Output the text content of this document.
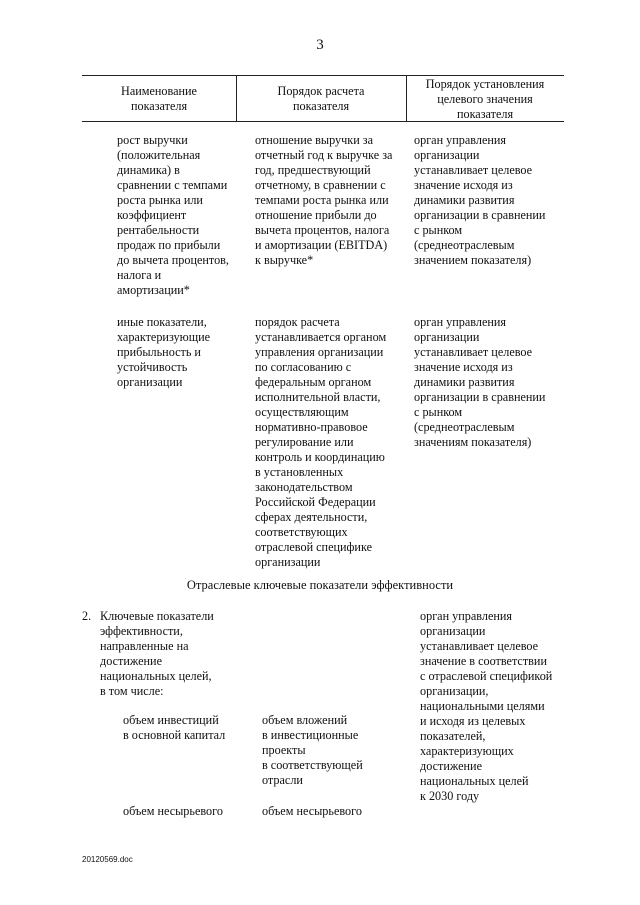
3
Наименование
показателя
Порядок расчета
показателя
Порядок установления
целевого значения
показателя
рост выручки
(положительная
динамика) в
сравнении с темпами
роста рынка или
коэффициент
рентабельности
продаж по прибыли
до вычета процентов,
налога и
амортизации*
отношение выручки за
отчетный год к выручке за
год, предшествующий
отчетному, в сравнении с
темпами роста рынка или
отношение прибыли до
вычета процентов, налога
и амортизации (EBITDA)
к выручке*
орган управления
организации
устанавливает целевое
значение исходя из
динамики развития
организации в сравнении
с рынком
(среднеотраслевым
значением показателя)
иные показатели,
характеризующие
прибыльность и
устойчивость
организации
порядок расчета
устанавливается органом
управления организации
по согласованию с
федеральным органом
исполнительной власти,
осуществляющим
нормативно-правовое
регулирование или
контроль и координацию
в установленных
законодательством
Российской Федерации
сферах деятельности,
соответствующих
отраслевой специфике
организации
орган управления
организации
устанавливает целевое
значение исходя из
динамики развития
организации в сравнении
с рынком
(среднеотраслевым
значениям показателя)
Отраслевые ключевые показатели эффективности
2. Ключевые показатели
эффективности,
направленные на
достижение
национальных целей,
в том числе:
орган управления
организации
устанавливает целевое
значение в соответствии
с отраслевой спецификой
организации,
национальными целями
и исходя из целевых
показателей,
характеризующих
достижение
национальных целей
к 2030 году
объем инвестиций
в основной капитал
объем вложений
в инвестиционные
проекты
в соответствующей
отрасли
объем несырьевого	объем несырьевого
20120569.doc
